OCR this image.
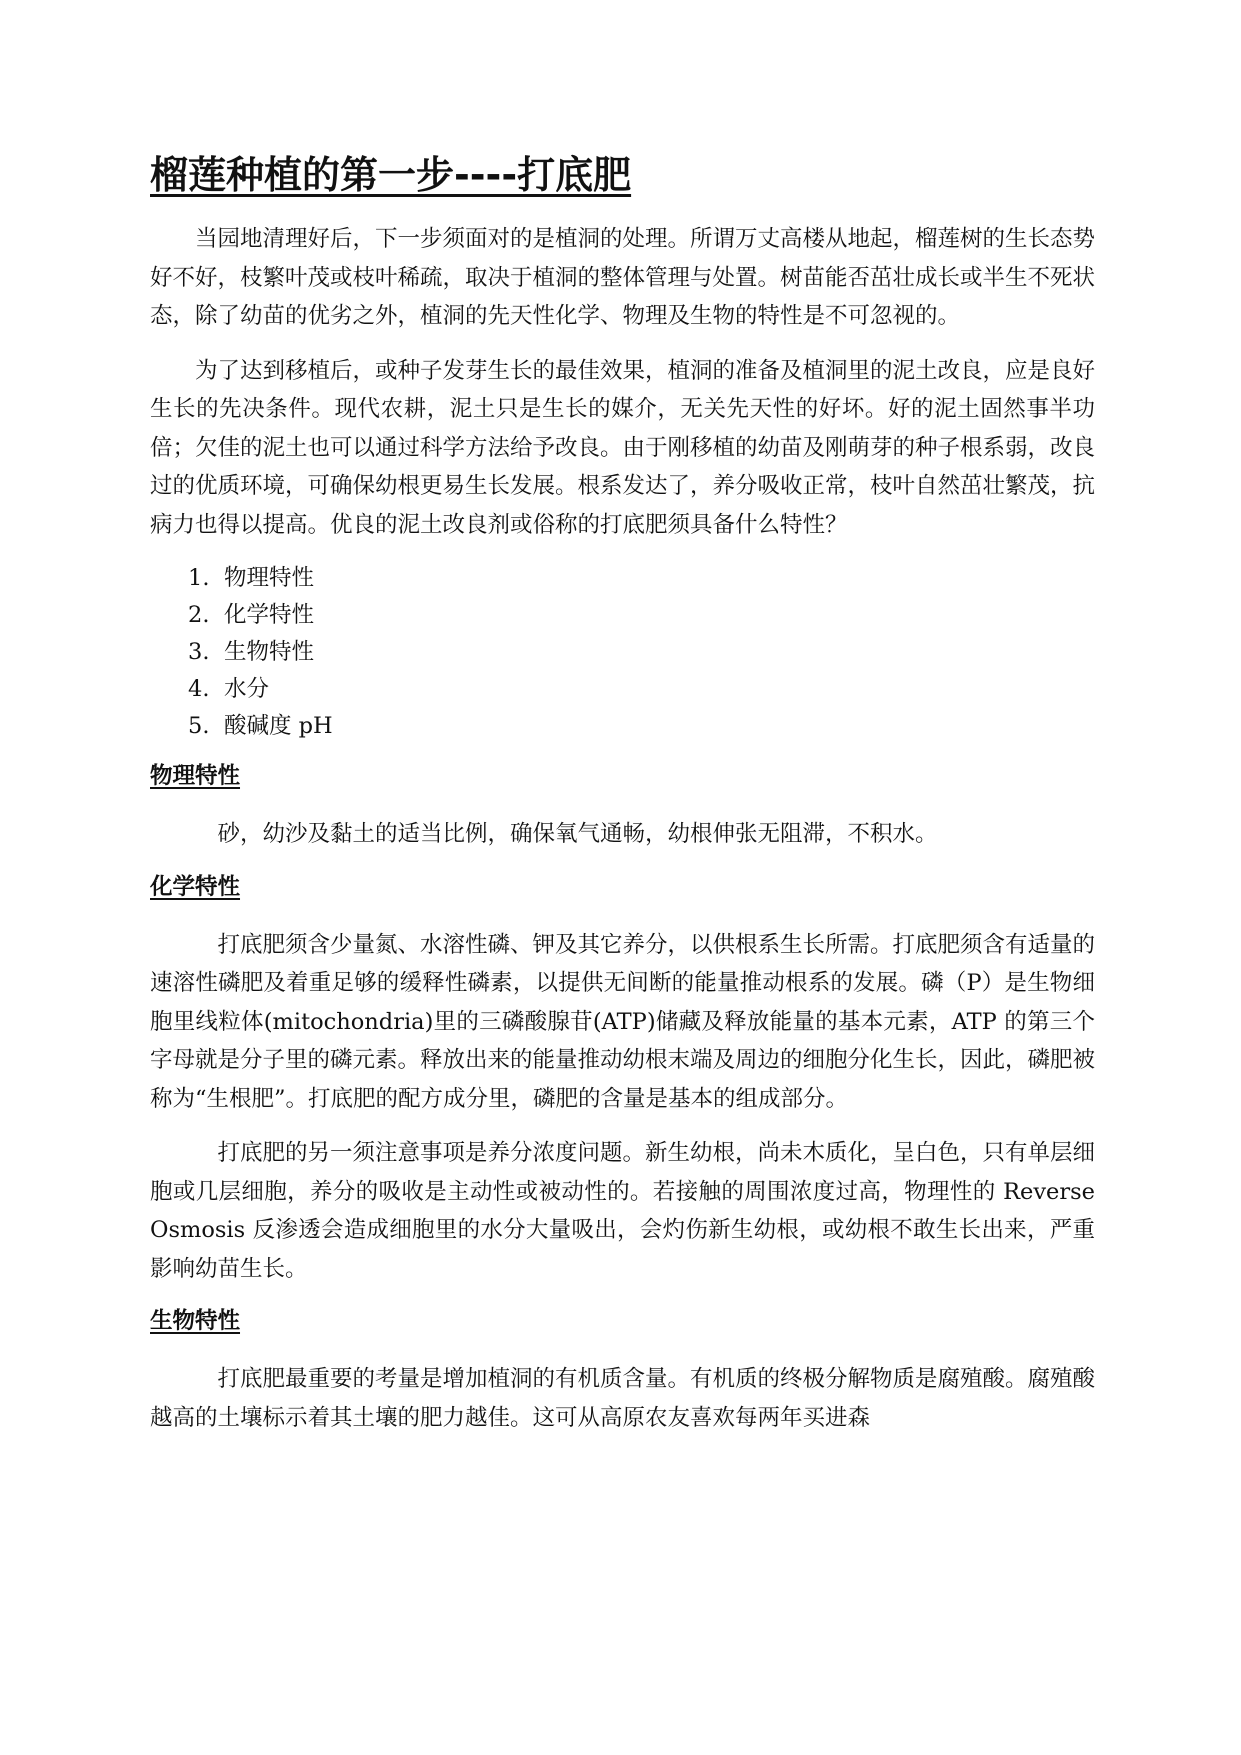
榴莲种植的第一步----打底肥

当园地清理好后，下一步须面对的是植洞的处理。所谓万丈高楼从地起，榴莲树的生长态势好不好，枝繁叶茂或枝叶稀疏，取决于植洞的整体管理与处置。树苗能否茁壮成长或半生不死状态，除了幼苗的优劣之外，植洞的先天性化学、物理及生物的特性是不可忽视的。

为了达到移植后，或种子发芽生长的最佳效果，植洞的准备及植洞里的泥土改良，应是良好生长的先决条件。现代农耕，泥土只是生长的媒介，无关先天性的好坏。好的泥土固然事半功倍；欠佳的泥土也可以通过科学方法给予改良。由于刚移植的幼苗及刚萌芽的种子根系弱，改良过的优质环境，可确保幼根更易生长发展。根系发达了，养分吸收正常，枝叶自然茁壮繁茂，抗病力也得以提高。优良的泥土改良剂或俗称的打底肥须具备什么特性？

1. 物理特性
2. 化学特性
3. 生物特性
4. 水分
5. 酸碱度 pH
物理特性

砂，幼沙及黏土的适当比例，确保氧气通畅，幼根伸张无阻滞，不积水。

化学特性

打底肥须含少量氮、水溶性磷、钾及其它养分，以供根系生长所需。打底肥须含有适量的速溶性磷肥及着重足够的缓释性磷素，以提供无间断的能量推动根系的发展。磷（P）是生物细胞里线粒体(mitochondria)里的三磷酸腺苷(ATP)储藏及释放能量的基本元素，ATP 的第三个字母就是分子里的磷元素。释放出来的能量推动幼根末端及周边的细胞分化生长，因此，磷肥被称为“生根肥”。打底肥的配方成分里，磷肥的含量是基本的组成部分。

打底肥的另一须注意事项是养分浓度问题。新生幼根，尚未木质化，呈白色，只有单层细胞或几层细胞，养分的吸收是主动性或被动性的。若接触的周围浓度过高，物理性的 Reverse Osmosis 反渗透会造成细胞里的水分大量吸出，会灼伤新生幼根，或幼根不敢生长出来，严重影响幼苗生长。

生物特性

打底肥最重要的考量是增加植洞的有机质含量。有机质的终极分解物质是腐殖酸。腐殖酸越高的土壤标示着其土壤的肥力越佳。这可从高原农友喜欢每两年买进森
